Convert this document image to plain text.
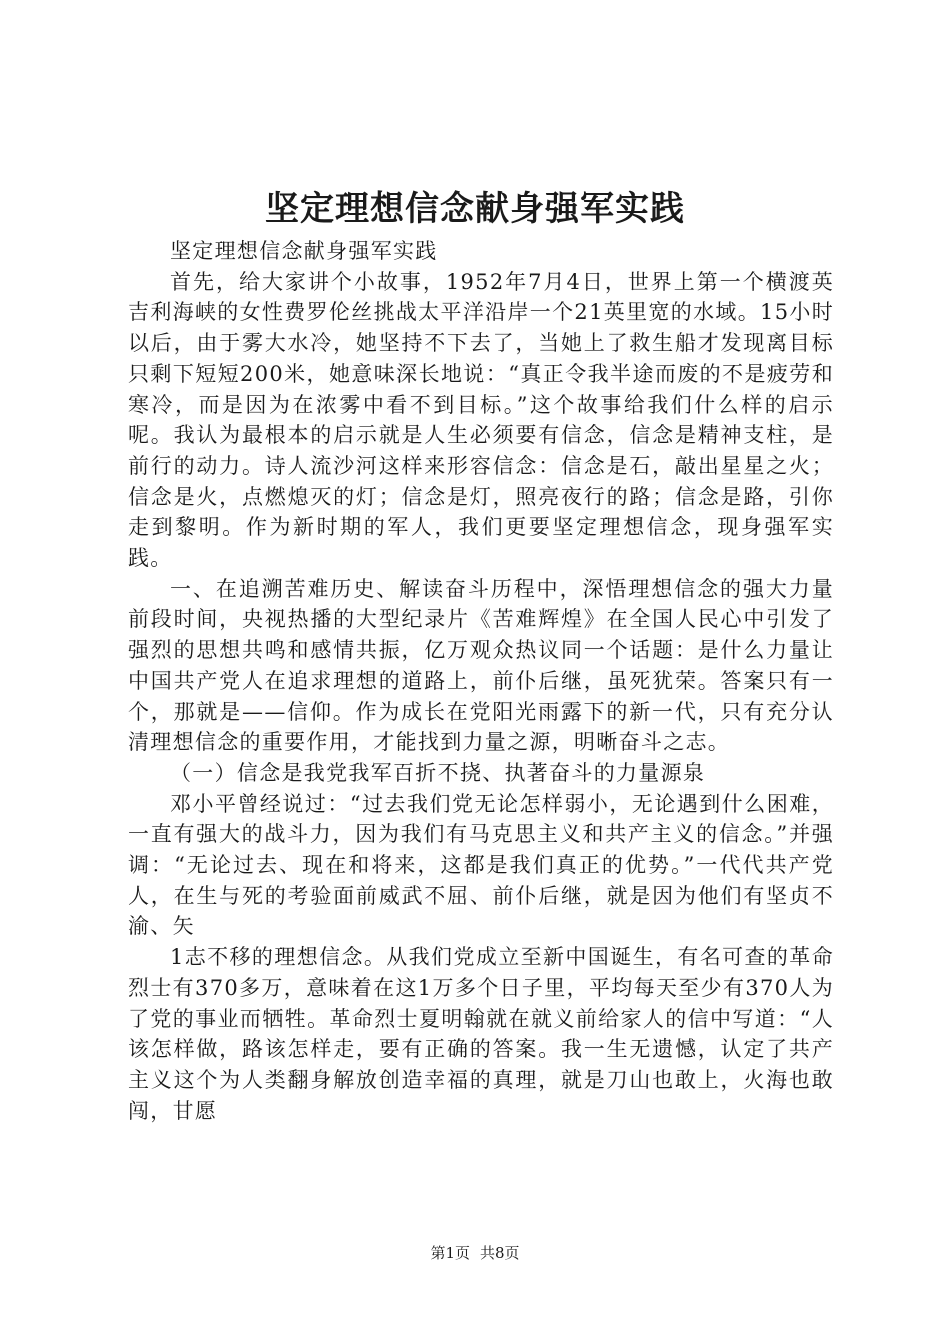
坚定理想信念献身强军实践

坚定理想信念献身强军实践

首先，给大家讲个小故事，1952年7月4日，世界上第一个横渡英吉利海峡的女性费罗伦丝挑战太平洋沿岸一个21英里宽的水域。15小时以后，由于雾大水冷，她坚持不下去了，当她上了救生船才发现离目标只剩下短短200米，她意味深长地说：“真正令我半途而废的不是疲劳和寒冷，而是因为在浓雾中看不到目标。”这个故事给我们什么样的启示呢。我认为最根本的启示就是人生必须要有信念，信念是精神支柱，是前行的动力。诗人流沙河这样来形容信念：信念是石，敲出星星之火；信念是火，点燃熄灭的灯；信念是灯，照亮夜行的路；信念是路，引你走到黎明。作为新时期的军人，我们更要坚定理想信念，现身强军实践。

一、在追溯苦难历史、解读奋斗历程中，深悟理想信念的强大力量前段时间，央视热播的大型纪录片《苦难辉煌》在全国人民心中引发了强烈的思想共鸣和感情共振，亿万观众热议同一个话题：是什么力量让中国共产党人在追求理想的道路上，前仆后继，虽死犹荣。答案只有一个，那就是——信仰。作为成长在党阳光雨露下的新一代，只有充分认清理想信念的重要作用，才能找到力量之源，明晰奋斗之志。

（一）信念是我党我军百折不挠、执著奋斗的力量源泉

邓小平曾经说过：“过去我们党无论怎样弱小，无论遇到什么困难，一直有强大的战斗力，因为我们有马克思主义和共产主义的信念。”并强调：“无论过去、现在和将来，这都是我们真正的优势。”一代代共产党人，在生与死的考验面前威武不屈、前仆后继，就是因为他们有坚贞不渝、矢

1志不移的理想信念。从我们党成立至新中国诞生，有名可查的革命烈士有370多万，意味着在这1万多个日子里，平均每天至少有370人为了党的事业而牺牲。革命烈士夏明翰就在就义前给家人的信中写道：“人该怎样做，路该怎样走，要有正确的答案。我一生无遗憾，认定了共产主义这个为人类翻身解放创造幸福的真理，就是刀山也敢上，火海也敢闯，甘愿

第1页 共8页
